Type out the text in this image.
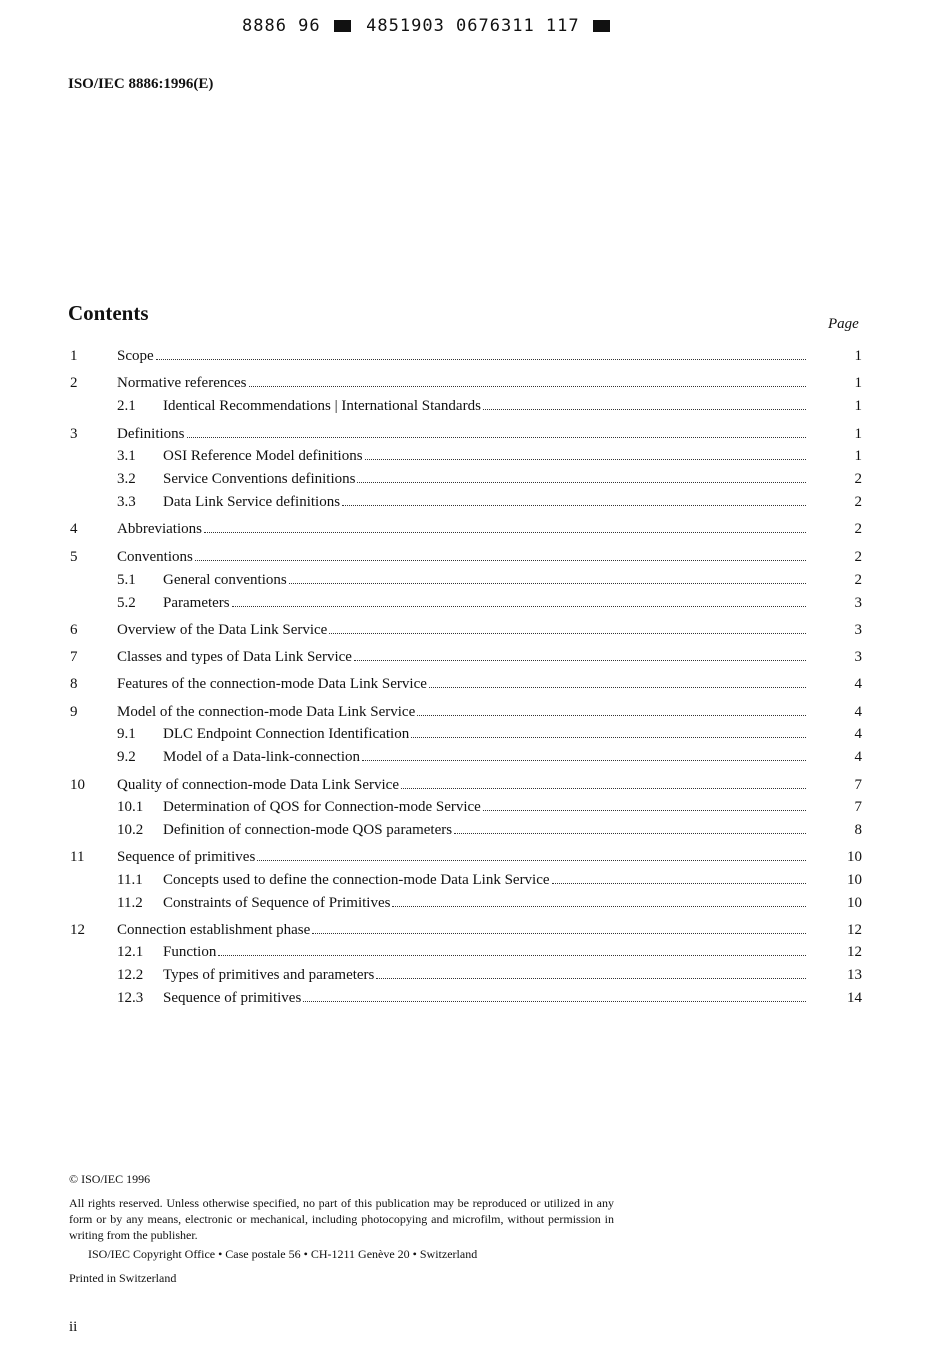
8886 96	4851903 0676311 117
ISO/IEC 8886:1996(E)
Contents	Page
1	Scope	1
2	Normative references	1
2.1 Identical Recommendations | International Standards	1
3	Definitions	1
3.1 OSI Reference Model definitions	1
3.2 Service Conventions definitions	2
3.3 Data Link Service definitions	2
4	Abbreviations	2
5	Conventions	2
5.1 General conventions	2
5.2 Parameters	3
6	Overview of the Data Link Service	3
7	Classes and types of Data Link Service	3
8	Features of the connection-mode Data Link Service	4
9	Model of the connection-mode Data Link Service	4
9.1 DLC Endpoint Connection Identification	4
9.2 Model of a Data-link-connection	4
10 Quality of connection-mode Data Link Service	7
10.1 Determination of QOS for Connection-mode Service	7
10.2 Definition of connection-mode QOS parameters	8
11 Sequence of primitives	10
11.1 Concepts used to define the connection-mode Data Link Service	10
11.2 Constraints of Sequence of Primitives	10
12 Connection establishment phase	12
12.1 Function	12
12.2 Types of primitives and parameters	13
12.3 Sequence of primitives	14
© ISO/IEC 1996
All rights reserved. Unless otherwise specified, no part of this publication may be reproduced or utilized in any form or by any means, electronic or mechanical, including photocopying and microfilm, without permission in writing from the publisher.
ISO/IEC Copyright Office • Case postale 56 • CH-1211 Genève 20 • Switzerland
Printed in Switzerland
ii
